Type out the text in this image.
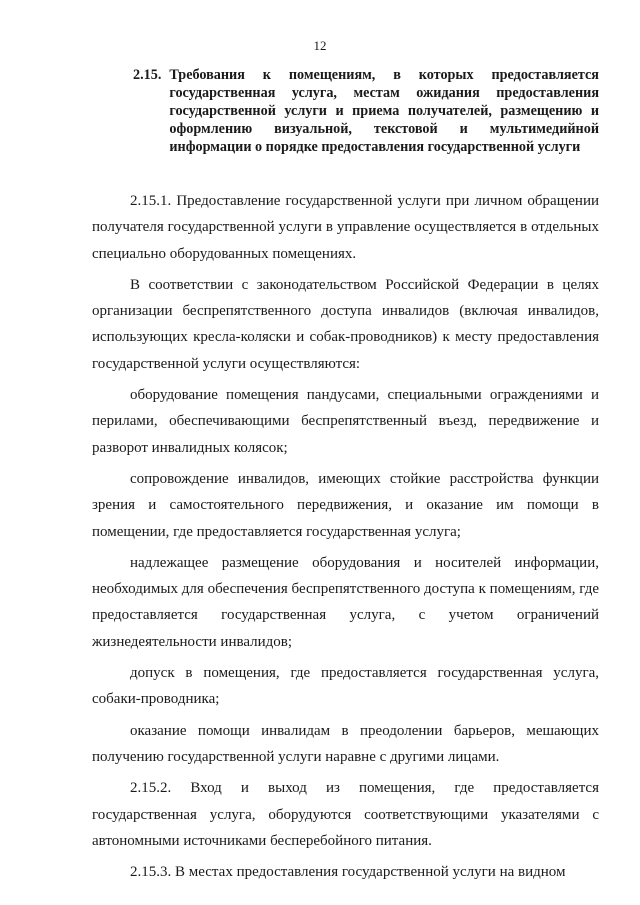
12
2.15. Требования к помещениям, в которых предоставляется государственная услуга, местам ожидания предоставления государственной услуги и приема получателей, размещению и оформлению визуальной, текстовой и мультимедийной информации о порядке предоставления государственной услуги

2.15.1. Предоставление государственной услуги при личном обращении получателя государственной услуги в управление осуществляется в отдельных специально оборудованных помещениях.

В соответствии с законодательством Российской Федерации в целях организации беспрепятственного доступа инвалидов (включая инвалидов, использующих кресла-коляски и собак-проводников) к месту предоставления государственной услуги осуществляются:

оборудование помещения пандусами, специальными ограждениями и перилами, обеспечивающими беспрепятственный въезд, передвижение и разворот инвалидных колясок;

сопровождение инвалидов, имеющих стойкие расстройства функции зрения и самостоятельного передвижения, и оказание им помощи в помещении, где предоставляется государственная услуга;

надлежащее размещение оборудования и носителей информации, необходимых для обеспечения беспрепятственного доступа к помещениям, где предоставляется государственная услуга, с учетом ограничений жизнедеятельности инвалидов;

допуск в помещения, где предоставляется государственная услуга, собаки-проводника;

оказание помощи инвалидам в преодолении барьеров, мешающих получению государственной услуги наравне с другими лицами.

2.15.2. Вход и выход из помещения, где предоставляется государственная услуга, оборудуются соответствующими указателями с автономными источниками бесперебойного питания.

2.15.3. В местах предоставления государственной услуги на видном
